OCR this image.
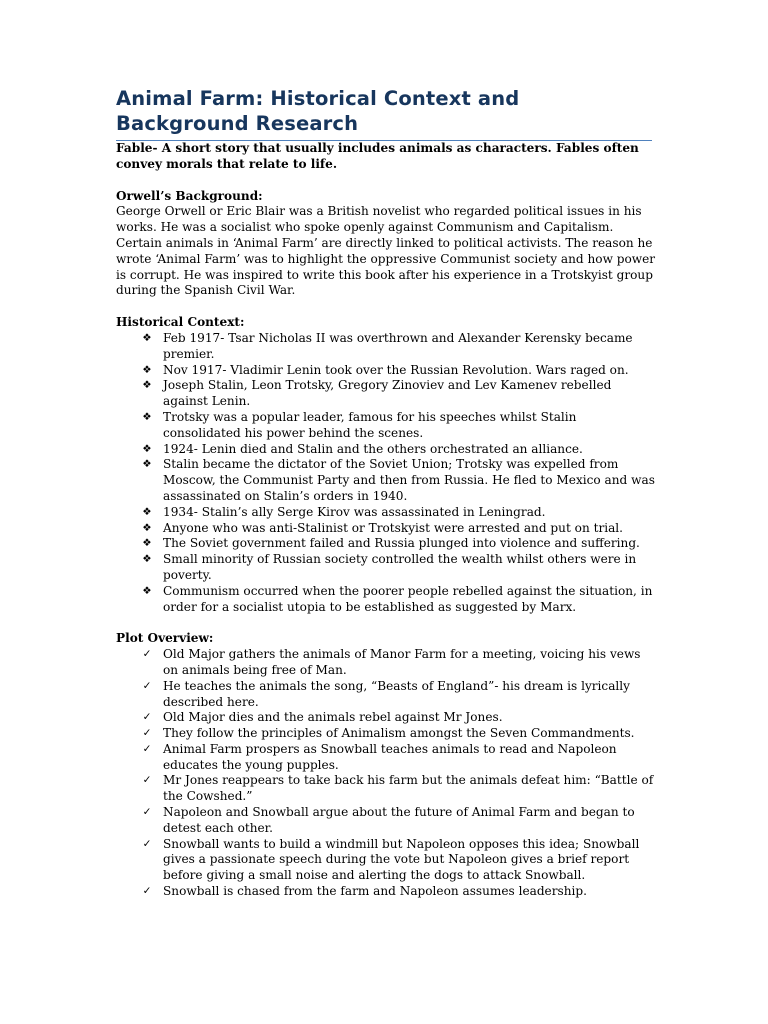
Animal Farm: Historical Context and Background Research

Fable- A short story that usually includes animals as characters. Fables often convey morals that relate to life.

Orwell’s Background:

George Orwell or Eric Blair was a British novelist who regarded political issues in his works. He was a socialist who spoke openly against Communism and Capitalism. Certain animals in ‘Animal Farm’ are directly linked to political activists. The reason he wrote ‘Animal Farm’ was to highlight the oppressive Communist society and how power is corrupt. He was inspired to write this book after his experience in a Trotskyist group during the Spanish Civil War.

Historical Context:
❖ Feb 1917- Tsar Nicholas II was overthrown and Alexander Kerensky became premier.
❖ Nov 1917- Vladimir Lenin took over the Russian Revolution. Wars raged on.
❖ Joseph Stalin, Leon Trotsky, Gregory Zinoviev and Lev Kamenev rebelled against Lenin.
❖ Trotsky was a popular leader, famous for his speeches whilst Stalin consolidated his power behind the scenes.
❖ 1924- Lenin died and Stalin and the others orchestrated an alliance.
❖ Stalin became the dictator of the Soviet Union; Trotsky was expelled from Moscow, the Communist Party and then from Russia. He fled to Mexico and was assassinated on Stalin’s orders in 1940.
❖ 1934- Stalin’s ally Serge Kirov was assassinated in Leningrad.
❖ Anyone who was anti-Stalinist or Trotskyist were arrested and put on trial.
❖ The Soviet government failed and Russia plunged into violence and suffering.
❖ Small minority of Russian society controlled the wealth whilst others were in poverty.
❖ Communism occurred when the poorer people rebelled against the situation, in order for a socialist utopia to be established as suggested by Marx.
Plot Overview:
✓ Old Major gathers the animals of Manor Farm for a meeting, voicing his vews on animals being free of Man.
✓ He teaches the animals the song, “Beasts of England”- his dream is lyrically described here.
✓ Old Major dies and the animals rebel against Mr Jones.
✓ They follow the principles of Animalism amongst the Seven Commandments.
✓ Animal Farm prospers as Snowball teaches animals to read and Napoleon educates the young pupples.
✓ Mr Jones reappears to take back his farm but the animals defeat him: “Battle of the Cowshed.”
✓ Napoleon and Snowball argue about the future of Animal Farm and began to detest each other.
✓ Snowball wants to build a windmill but Napoleon opposes this idea; Snowball gives a passionate speech during the vote but Napoleon gives a brief report before giving a small noise and alerting the dogs to attack Snowball.
✓ Snowball is chased from the farm and Napoleon assumes leadership.
